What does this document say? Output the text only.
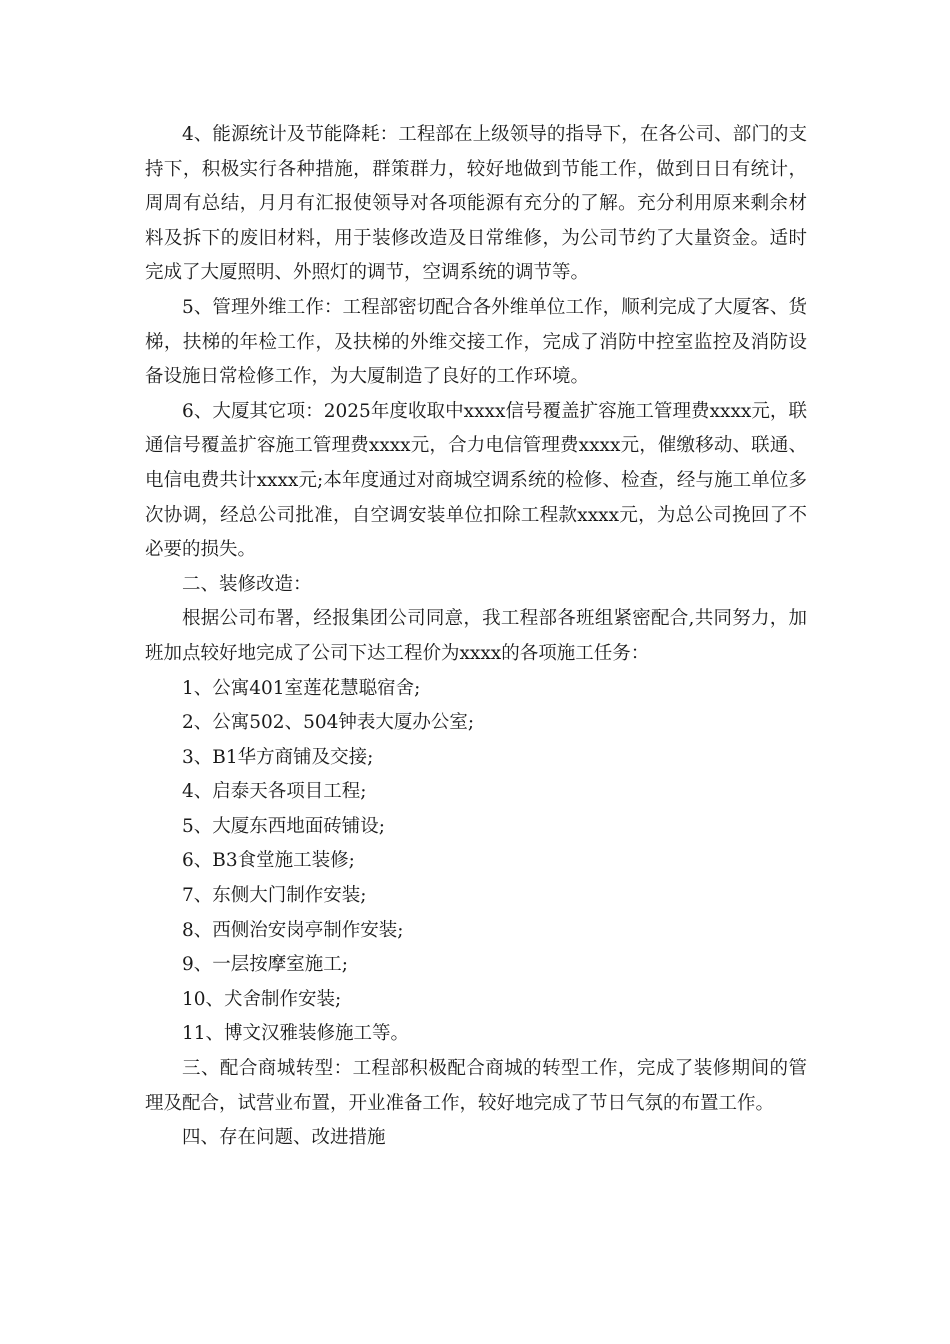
4、能源统计及节能降耗：工程部在上级领导的指导下，在各公司、部门的支持下，积极实行各种措施，群策群力，较好地做到节能工作，做到日日有统计，周周有总结，月月有汇报使领导对各项能源有充分的了解。充分利用原来剩余材料及拆下的废旧材料，用于装修改造及日常维修，为公司节约了大量资金。适时完成了大厦照明、外照灯的调节，空调系统的调节等。

5、管理外维工作：工程部密切配合各外维单位工作，顺利完成了大厦客、货梯，扶梯的年检工作，及扶梯的外维交接工作，完成了消防中控室监控及消防设备设施日常检修工作，为大厦制造了良好的工作环境。

6、大厦其它项：2025年度收取中xxxx信号覆盖扩容施工管理费xxxx元，联通信号覆盖扩容施工管理费xxxx元，合力电信管理费xxxx元，催缴移动、联通、电信电费共计xxxx元;本年度通过对商城空调系统的检修、检查，经与施工单位多次协调，经总公司批准，自空调安装单位扣除工程款xxxx元，为总公司挽回了不必要的损失。

二、装修改造：

根据公司布署，经报集团公司同意，我工程部各班组紧密配合,共同努力，加班加点较好地完成了公司下达工程价为xxxx的各项施工任务：

1、公寓401室莲花慧聪宿舍;

2、公寓502、504钟表大厦办公室;

3、B1华方商铺及交接;

4、启泰天各项目工程;

5、大厦东西地面砖铺设;

6、B3食堂施工装修;

7、东侧大门制作安装;

8、西侧治安岗亭制作安装;

9、一层按摩室施工;

10、犬舍制作安装;

11、博文汉雅装修施工等。

三、配合商城转型：工程部积极配合商城的转型工作，完成了装修期间的管理及配合，试营业布置，开业准备工作，较好地完成了节日气氛的布置工作。

四、存在问题、改进措施
